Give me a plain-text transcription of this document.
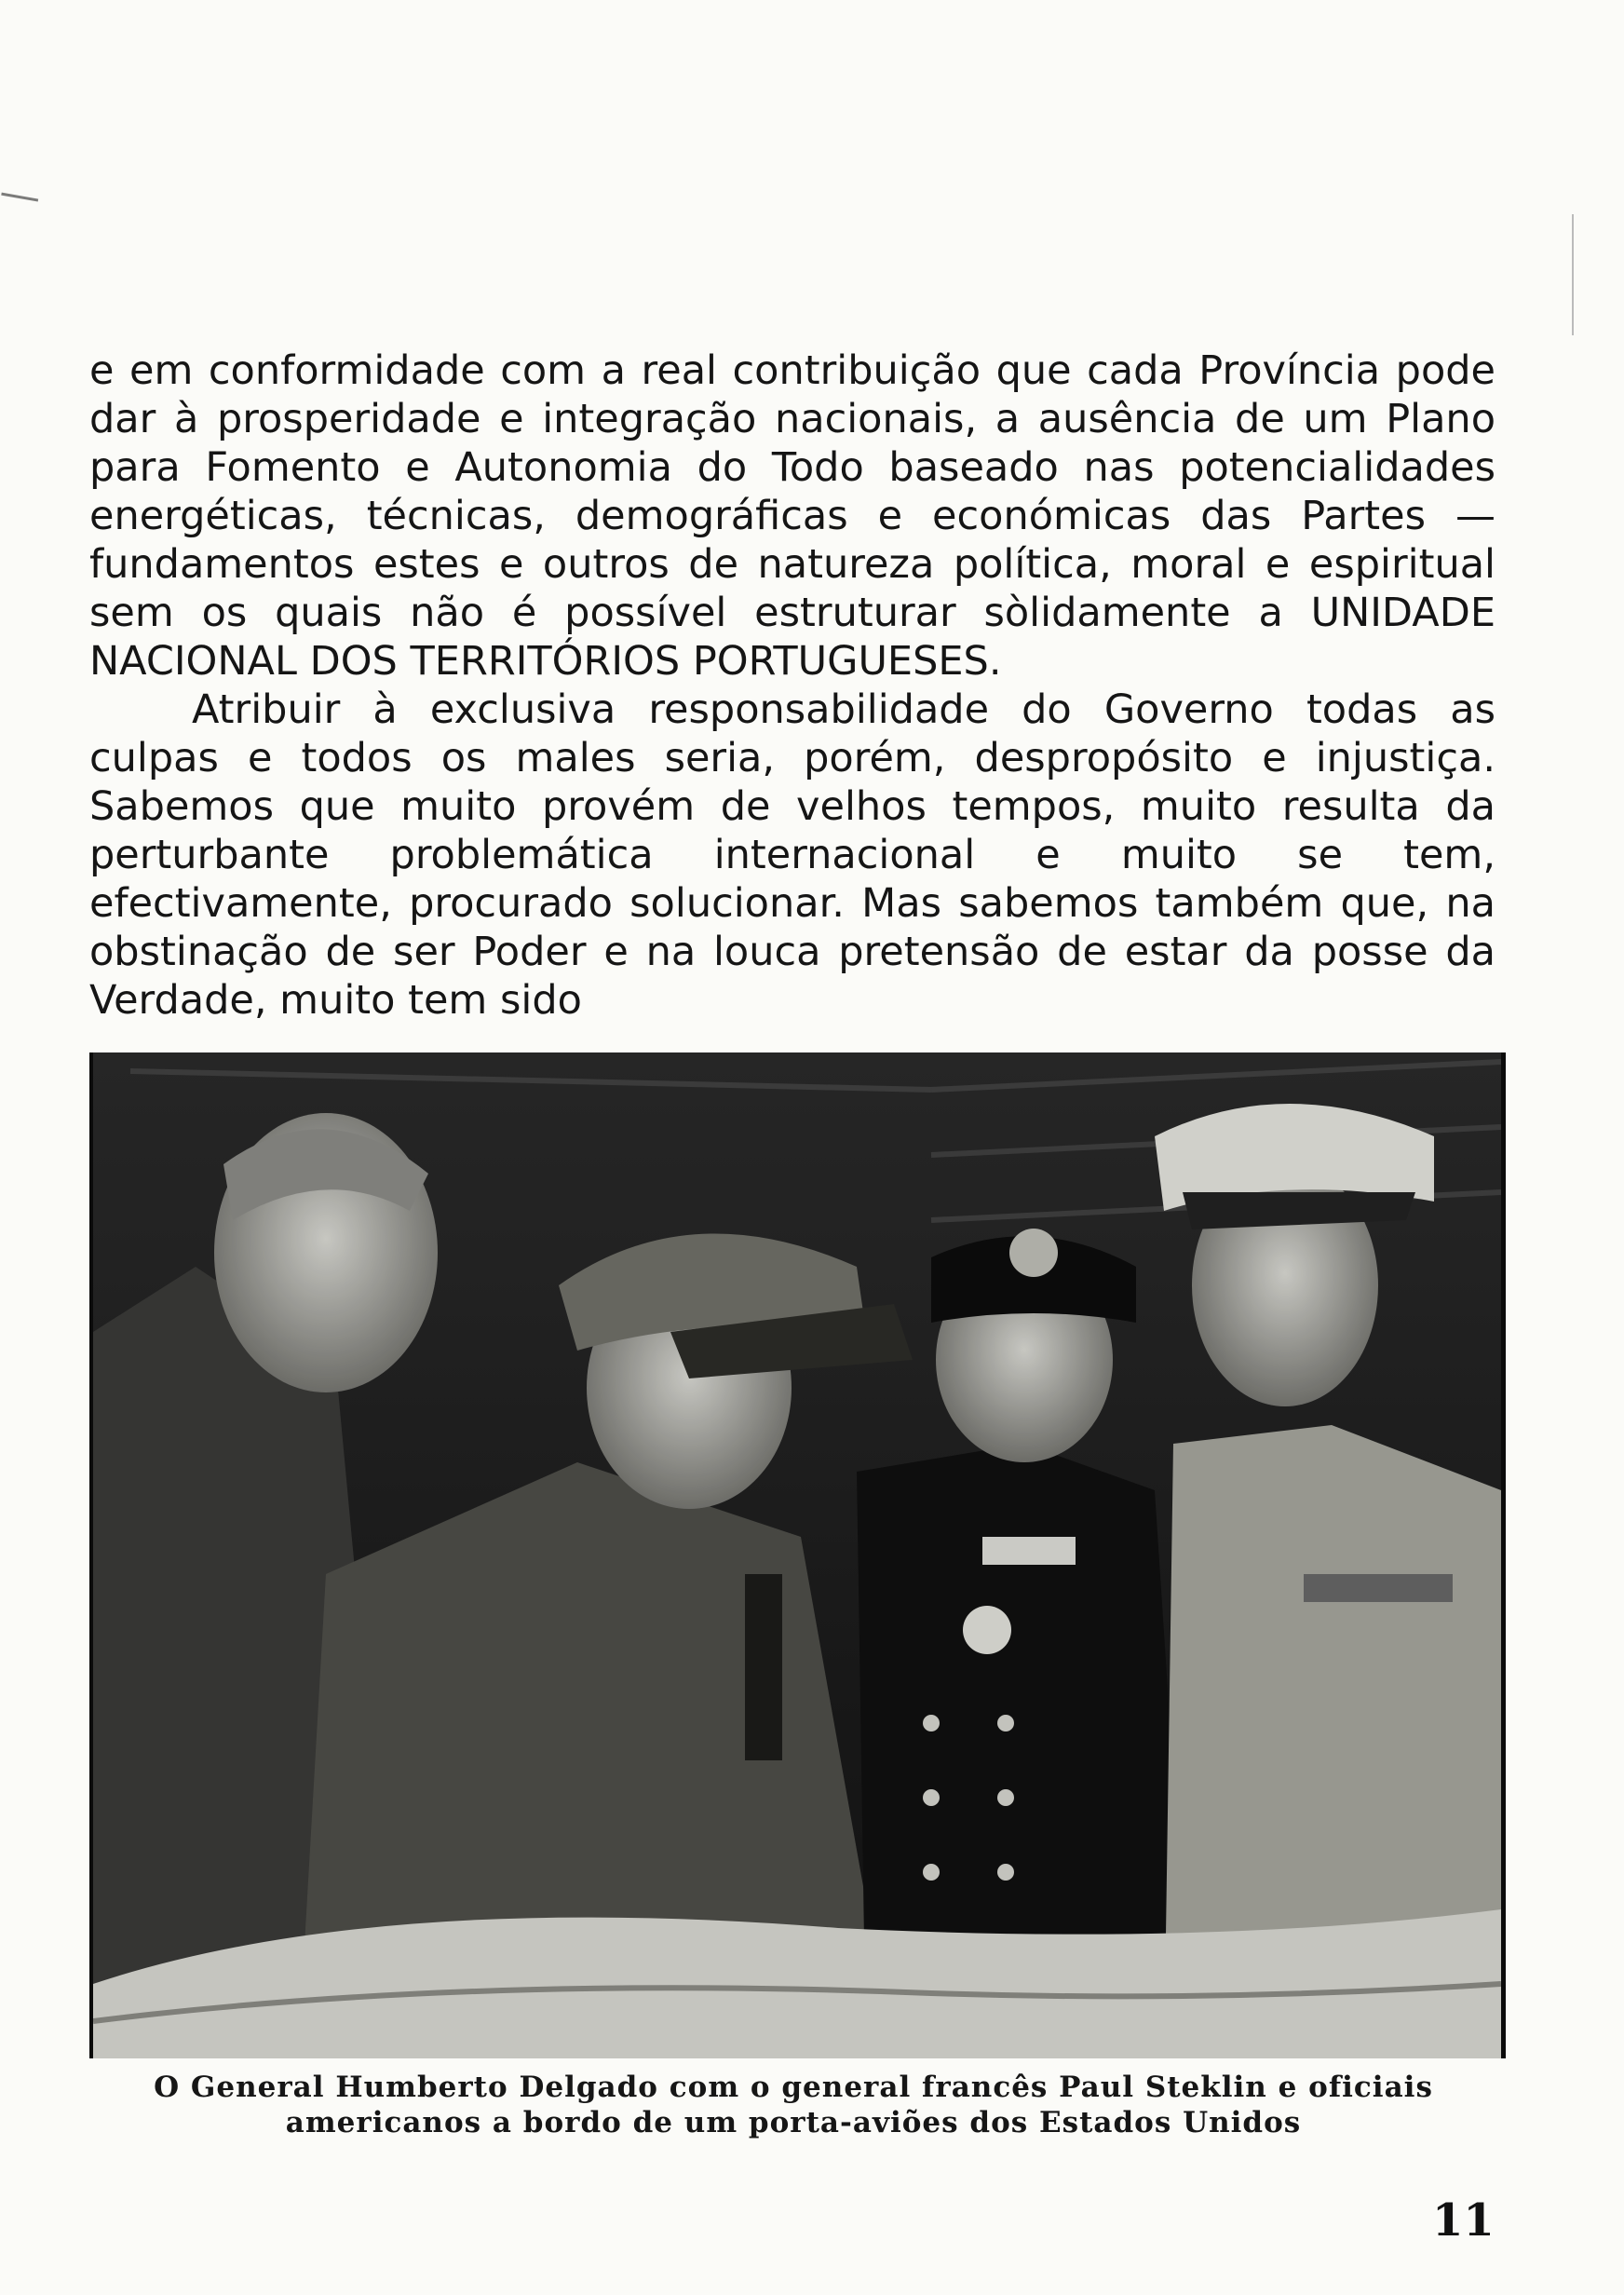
e em conformidade com a real contribuição que cada Província pode dar à prosperidade e integração nacionais, a ausência de um Plano para Fomento e Autonomia do Todo baseado nas potencialidades energéticas, técnicas, demográficas e económicas das Partes — fundamentos estes e outros de natureza política, moral e espiritual sem os quais não é possível estruturar sòlidamente a UNIDADE NACIONAL DOS TERRITÓRIOS PORTUGUESES.

Atribuir à exclusiva responsabilidade do Governo todas as culpas e todos os males seria, porém, despropósito e injustiça. Sabemos que muito provém de velhos tempos, muito resulta da perturbante problemática internacional e muito se tem, efectivamente, procurado solucionar. Mas sabemos também que, na obstinação de ser Poder e na louca pretensão de estar da posse da Verdade, muito tem sido

O General Humberto Delgado com o general francês Paul Steklin e oficiais
americanos a bordo de um porta-aviões dos Estados Unidos
11
